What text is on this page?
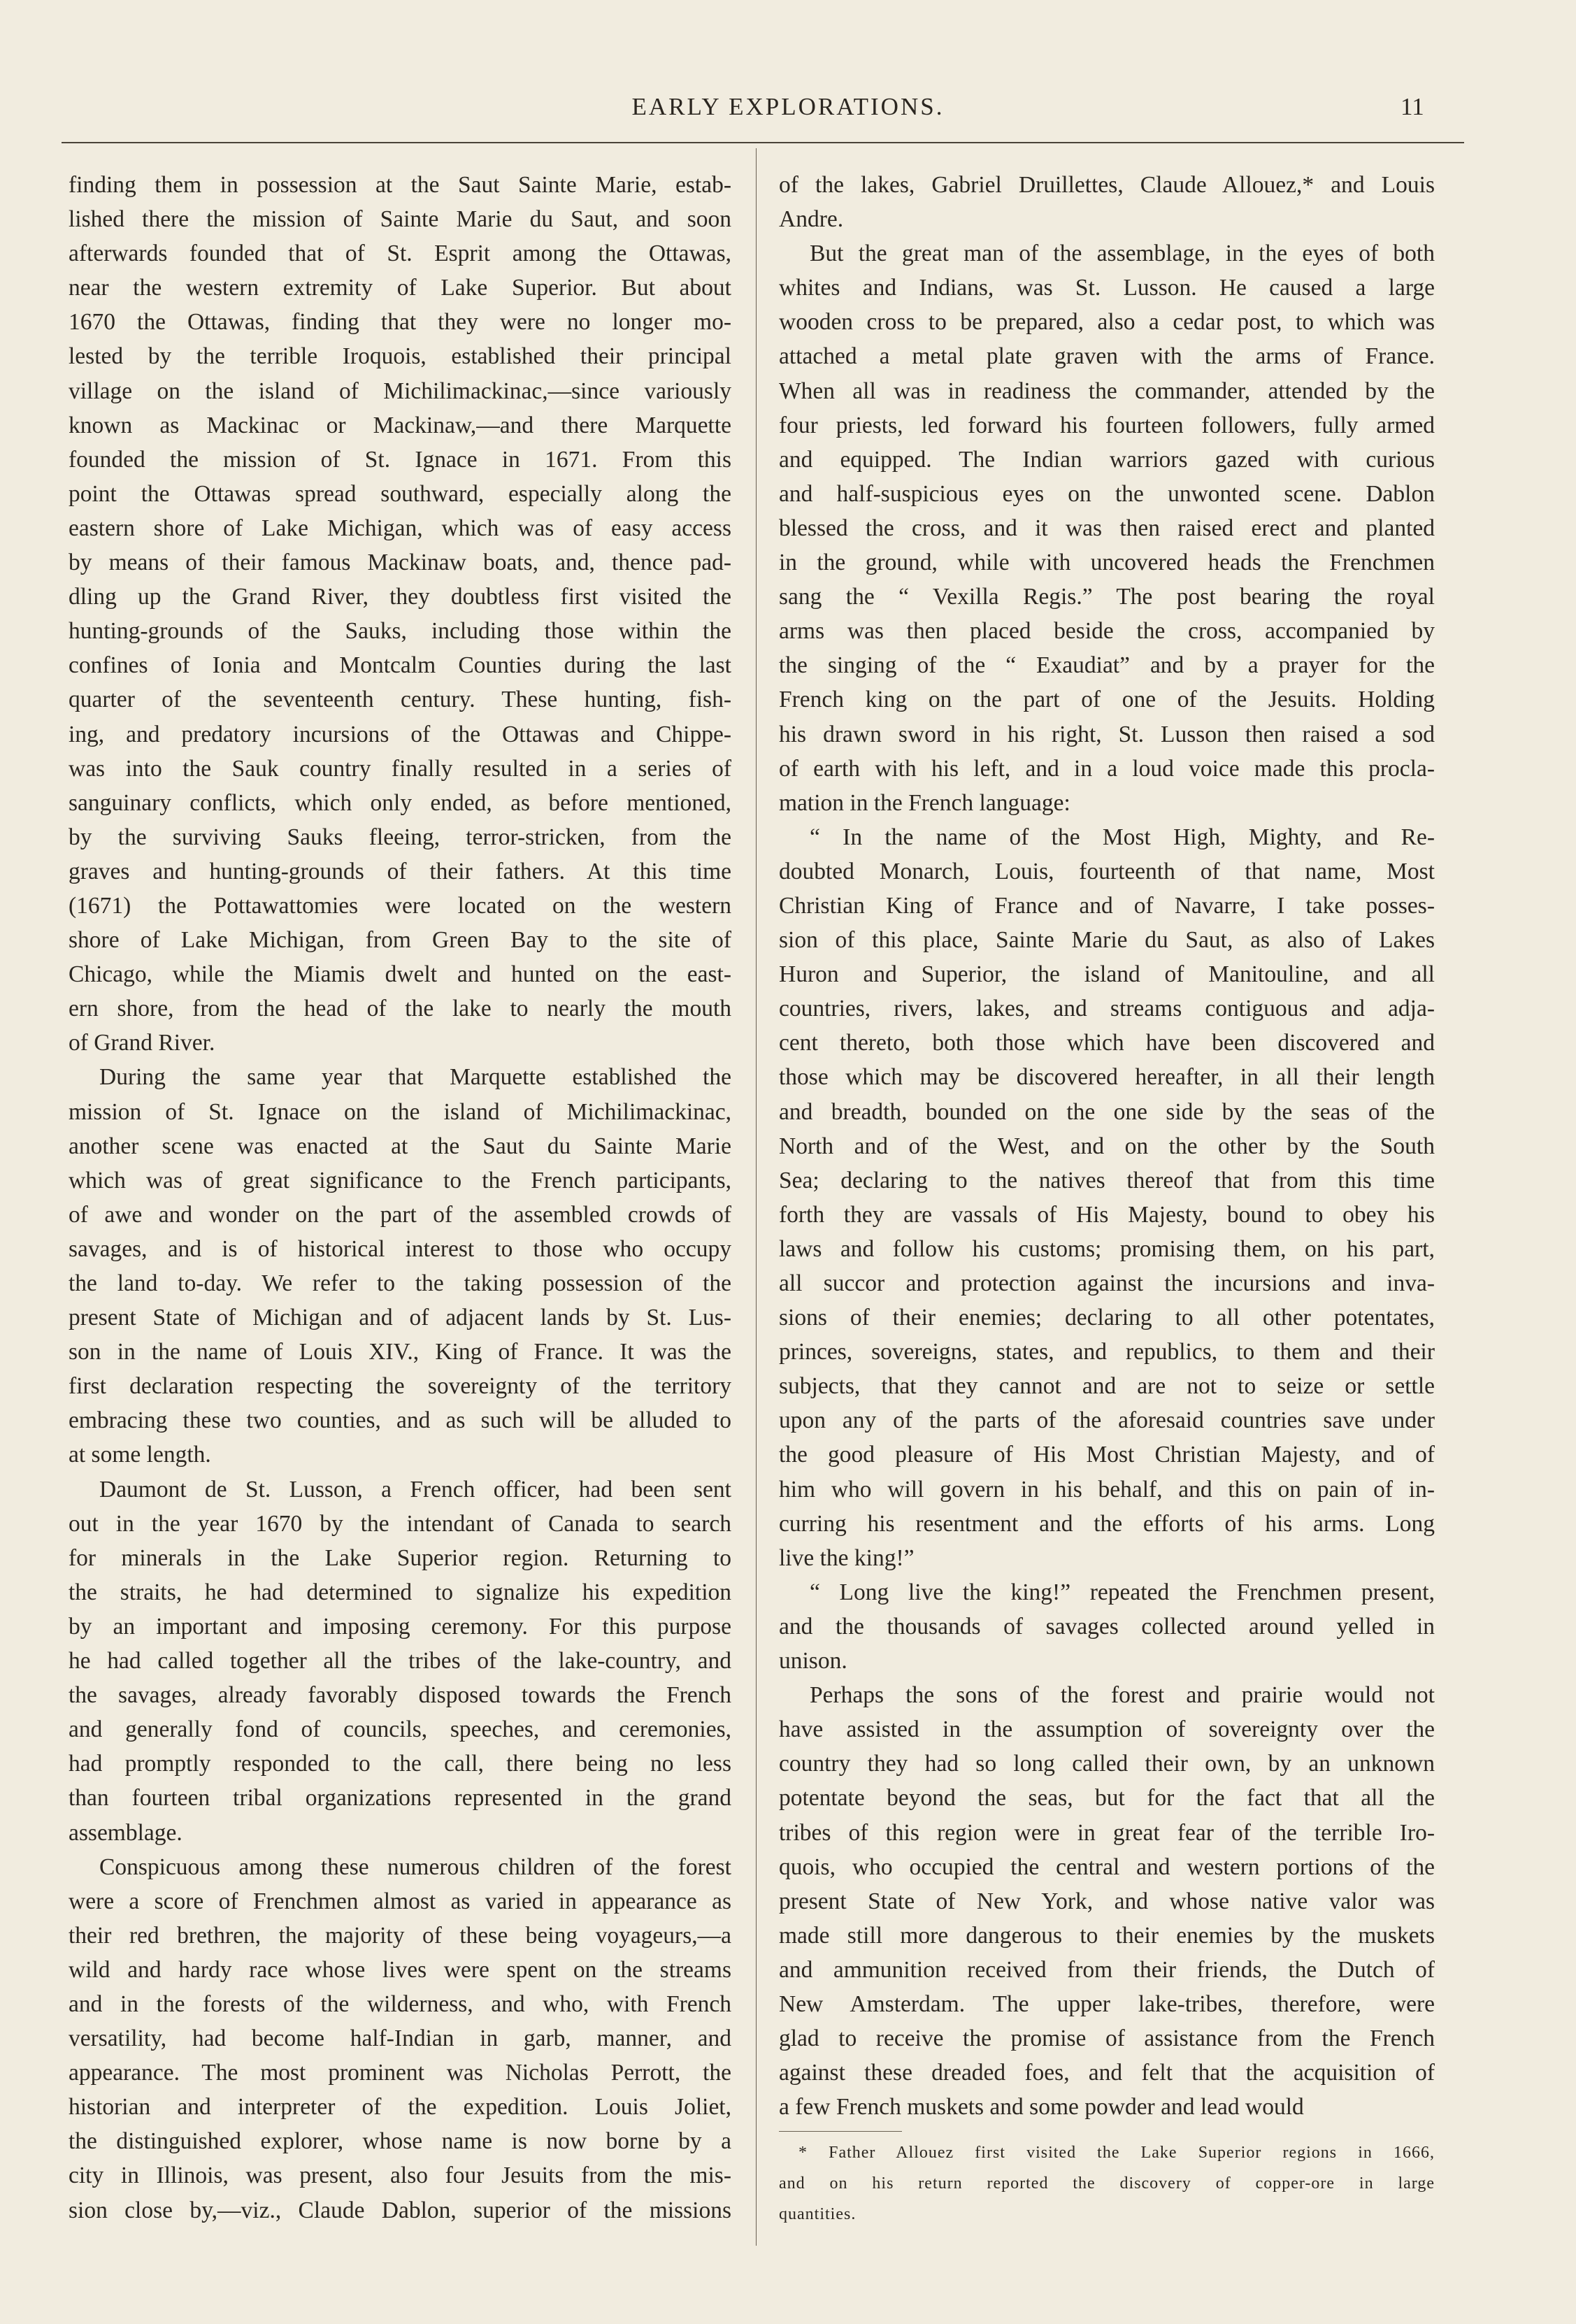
EARLY EXPLORATIONS.	11
finding them in possession at the Saut Sainte Marie, estab-
lished there the mission of Sainte Marie du Saut, and soon
afterwards founded that of St. Esprit among the Ottawas,
near the western extremity of Lake Superior. But about
1670 the Ottawas, finding that they were no longer mo-
lested by the terrible Iroquois, established their principal
village on the island of Michilimackinac,—since variously
known as Mackinac or Mackinaw,—and there Marquette
founded the mission of St. Ignace in 1671. From this
point the Ottawas spread southward, especially along the
eastern shore of Lake Michigan, which was of easy access
by means of their famous Mackinaw boats, and, thence pad-
dling up the Grand River, they doubtless first visited the
hunting-grounds of the Sauks, including those within the
confines of Ionia and Montcalm Counties during the last
quarter of the seventeenth century. These hunting, fish-
ing, and predatory incursions of the Ottawas and Chippe-
was into the Sauk country finally resulted in a series of
sanguinary conflicts, which only ended, as before mentioned,
by the surviving Sauks fleeing, terror-stricken, from the
graves and hunting-grounds of their fathers. At this time
(1671) the Pottawattomies were located on the western
shore of Lake Michigan, from Green Bay to the site of
Chicago, while the Miamis dwelt and hunted on the east-
ern shore, from the head of the lake to nearly the mouth
of Grand River.
During the same year that Marquette established the
mission of St. Ignace on the island of Michilimackinac,
another scene was enacted at the Saut du Sainte Marie
which was of great significance to the French participants,
of awe and wonder on the part of the assembled crowds of
savages, and is of historical interest to those who occupy
the land to-day. We refer to the taking possession of the
present State of Michigan and of adjacent lands by St. Lus-
son in the name of Louis XIV., King of France. It was the
first declaration respecting the sovereignty of the territory
embracing these two counties, and as such will be alluded to
at some length.
Daumont de St. Lusson, a French officer, had been sent
out in the year 1670 by the intendant of Canada to search
for minerals in the Lake Superior region. Returning to
the straits, he had determined to signalize his expedition
by an important and imposing ceremony. For this purpose
he had called together all the tribes of the lake-country, and
the savages, already favorably disposed towards the French
and generally fond of councils, speeches, and ceremonies,
had promptly responded to the call, there being no less
than fourteen tribal organizations represented in the grand
assemblage.
Conspicuous among these numerous children of the forest
were a score of Frenchmen almost as varied in appearance as
their red brethren, the majority of these being voyageurs,—a
wild and hardy race whose lives were spent on the streams
and in the forests of the wilderness, and who, with French
versatility, had become half-Indian in garb, manner, and
appearance. The most prominent was Nicholas Perrott, the
historian and interpreter of the expedition. Louis Joliet,
the distinguished explorer, whose name is now borne by a
city in Illinois, was present, also four Jesuits from the mis-
sion close by,—viz., Claude Dablon, superior of the missions
of the lakes, Gabriel Druillettes, Claude Allouez,* and Louis
Andre.
But the great man of the assemblage, in the eyes of both
whites and Indians, was St. Lusson. He caused a large
wooden cross to be prepared, also a cedar post, to which was
attached a metal plate graven with the arms of France.
When all was in readiness the commander, attended by the
four priests, led forward his fourteen followers, fully armed
and equipped. The Indian warriors gazed with curious
and half-suspicious eyes on the unwonted scene. Dablon
blessed the cross, and it was then raised erect and planted
in the ground, while with uncovered heads the Frenchmen
sang the “ Vexilla Regis.” The post bearing the royal
arms was then placed beside the cross, accompanied by
the singing of the “ Exaudiat” and by a prayer for the
French king on the part of one of the Jesuits. Holding
his drawn sword in his right, St. Lusson then raised a sod
of earth with his left, and in a loud voice made this procla-
mation in the French language:
“ In the name of the Most High, Mighty, and Re-
doubted Monarch, Louis, fourteenth of that name, Most
Christian King of France and of Navarre, I take posses-
sion of this place, Sainte Marie du Saut, as also of Lakes
Huron and Superior, the island of Manitouline, and all
countries, rivers, lakes, and streams contiguous and adja-
cent thereto, both those which have been discovered and
those which may be discovered hereafter, in all their length
and breadth, bounded on the one side by the seas of the
North and of the West, and on the other by the South
Sea; declaring to the natives thereof that from this time
forth they are vassals of His Majesty, bound to obey his
laws and follow his customs; promising them, on his part,
all succor and protection against the incursions and inva-
sions of their enemies; declaring to all other potentates,
princes, sovereigns, states, and republics, to them and their
subjects, that they cannot and are not to seize or settle
upon any of the parts of the aforesaid countries save under
the good pleasure of His Most Christian Majesty, and of
him who will govern in his behalf, and this on pain of in-
curring his resentment and the efforts of his arms. Long
live the king!”
“ Long live the king!” repeated the Frenchmen present,
and the thousands of savages collected around yelled in
unison.
Perhaps the sons of the forest and prairie would not
have assisted in the assumption of sovereignty over the
country they had so long called their own, by an unknown
potentate beyond the seas, but for the fact that all the
tribes of this region were in great fear of the terrible Iro-
quois, who occupied the central and western portions of the
present State of New York, and whose native valor was
made still more dangerous to their enemies by the muskets
and ammunition received from their friends, the Dutch of
New Amsterdam. The upper lake-tribes, therefore, were
glad to receive the promise of assistance from the French
against these dreaded foes, and felt that the acquisition of
a few French muskets and some powder and lead would
* Father Allouez first visited the Lake Superior regions in 1666,
and on his return reported the discovery of copper-ore in large
quantities.
